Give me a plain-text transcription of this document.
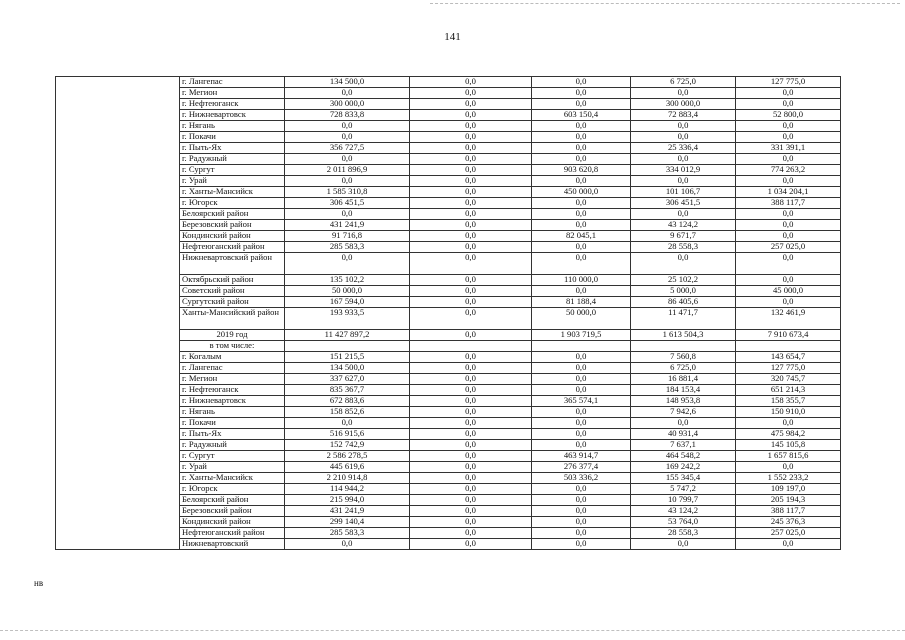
141
	г. Лангепас	134 500,0	0,0	0,0	6 725,0	127 775,0
	г. Мегион	0,0	0,0	0,0	0,0	0,0
	г. Нефтеюганск	300 000,0	0,0	0,0	300 000,0	0,0
	г. Нижневартовск	728 833,8	0,0	603 150,4	72 883,4	52 800,0
	г. Нягань	0,0	0,0	0,0	0,0	0,0
	г. Покачи	0,0	0,0	0,0	0,0	0,0
	г. Пыть-Ях	356 727,5	0,0	0,0	25 336,4	331 391,1
	г. Радужный	0,0	0,0	0,0	0,0	0,0
	г. Сургут	2 011 896,9	0,0	903 620,8	334 012,9	774 263,2
	г. Урай	0,0	0,0	0,0	0,0	0,0
	г. Ханты-Мансийск	1 585 310,8	0,0	450 000,0	101 106,7	1 034 204,1
	г. Югорск	306 451,5	0,0	0,0	306 451,5	388 117,7
	Белоярский район	0,0	0,0	0,0	0,0	0,0
	Березовский район	431 241,9	0,0	0,0	43 124,2	0,0
	Кондинский район	91 716,8	0,0	82 045,1	9 671,7	0,0
	Нефтеюганский район	285 583,3	0,0	0,0	28 558,3	257 025,0
	Нижневартовский район	0,0	0,0	0,0	0,0	0,0
	Октябрьский район	135 102,2	0,0	110 000,0	25 102,2	0,0
	Советский район	50 000,0	0,0	0,0	5 000,0	45 000,0
	Сургутский район	167 594,0	0,0	81 188,4	86 405,6	0,0
	Ханты-Мансийский район	193 933,5	0,0	50 000,0	11 471,7	132 461,9
	2019 год	11 427 897,2	0,0	1 903 719,5	1 613 504,3	7 910 673,4
	в том числе:					
	г. Когалым	151 215,5	0,0	0,0	7 560,8	143 654,7
	г. Лангепас	134 500,0	0,0	0,0	6 725,0	127 775,0
	г. Мегион	337 627,0	0,0	0,0	16 881,4	320 745,7
	г. Нефтеюганск	835 367,7	0,0	0,0	184 153,4	651 214,3
	г. Нижневартовск	672 883,6	0,0	365 574,1	148 953,8	158 355,7
	г. Нягань	158 852,6	0,0	0,0	7 942,6	150 910,0
	г. Покачи	0,0	0,0	0,0	0,0	0,0
	г. Пыть-Ях	516 915,6	0,0	0,0	40 931,4	475 984,2
	г. Радужный	152 742,9	0,0	0,0	7 637,1	145 105,8
	г. Сургут	2 586 278,5	0,0	463 914,7	464 548,2	1 657 815,6
	г. Урай	445 619,6	0,0	276 377,4	169 242,2	0,0
	г. Ханты-Мансийск	2 210 914,8	0,0	503 336,2	155 345,4	1 552 233,2
	г. Югорск	114 944,2	0,0	0,0	5 747,2	109 197,0
	Белоярский район	215 994,0	0,0	0,0	10 799,7	205 194,3
	Березовский район	431 241,9	0,0	0,0	43 124,2	388 117,7
	Кондинский район	299 140,4	0,0	0,0	53 764,0	245 376,3
	Нефтеюганский район	285 583,3	0,0	0,0	28 558,3	257 025,0
	Нижневартовский	0,0	0,0	0,0	0,0	0,0
нв
